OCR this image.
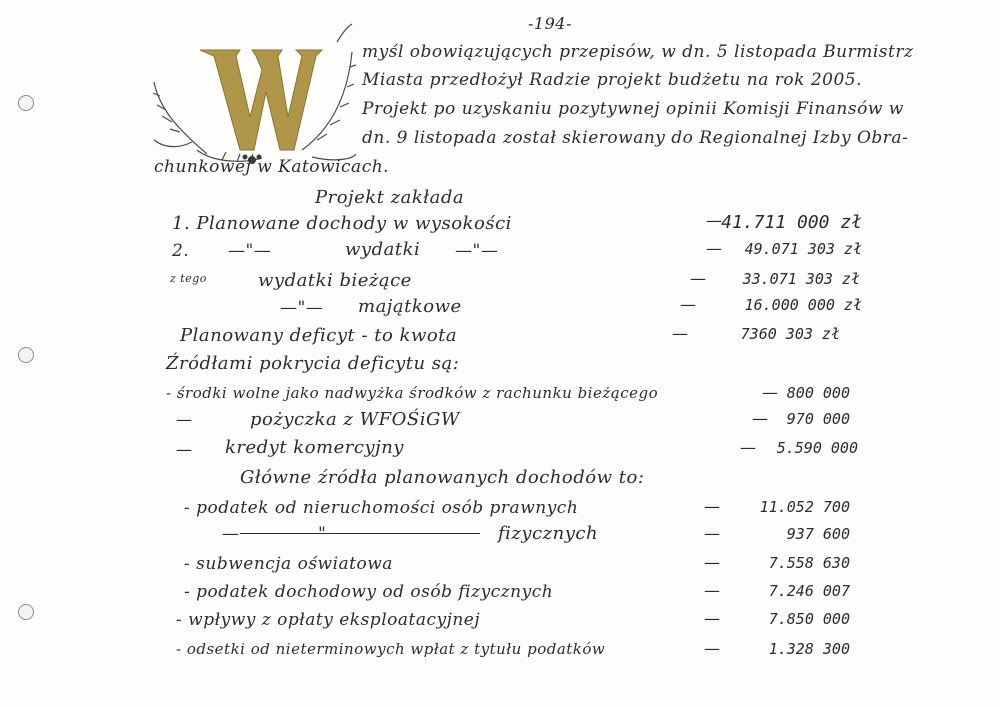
-194-
myśl obowiązujących przepisów, w dn. 5 listopada Burmistrz
Miasta przedłożył Radzie projekt budżetu na rok 2005.
Projekt po uzyskaniu pozytywnej opinii Komisji Finansów w
dn. 9 listopada został skierowany do Regionalnej Izby Obra-
chunkowej w Katowicach.
Projekt zakłada
1. Planowane dochody w wysokości	— 41.711 000 zł
2. —"—	wydatki —"—	—	49.071 303 zł
z tego	wydatki bieżące	—	33.071 303 zł
—"— majątkowe	—	16.000 000 zł
Planowany deficyt - to kwota	—	7360 303 zł
Źródłami pokrycia deficytu są:
- środki wolne jako nadwyżka środków z rachunku bieżącego	— 800 000
—	pożyczka z WFOŚiGW	—	970 000
— kredyt komercyjny	—	5.590 000
Główne źródła planowanych dochodów to:
- podatek od nieruchomości osób prawnych	—	11.052 700
—	"	fizycznych	—	937 600
- subwencja oświatowa	—	7.558 630
- podatek dochodowy od osób fizycznych	—	7.246 007
- wpływy z opłaty eksploatacyjnej	—	7.850 000
- odsetki od nieterminowych wpłat z tytułu podatków	—	1.328 300
